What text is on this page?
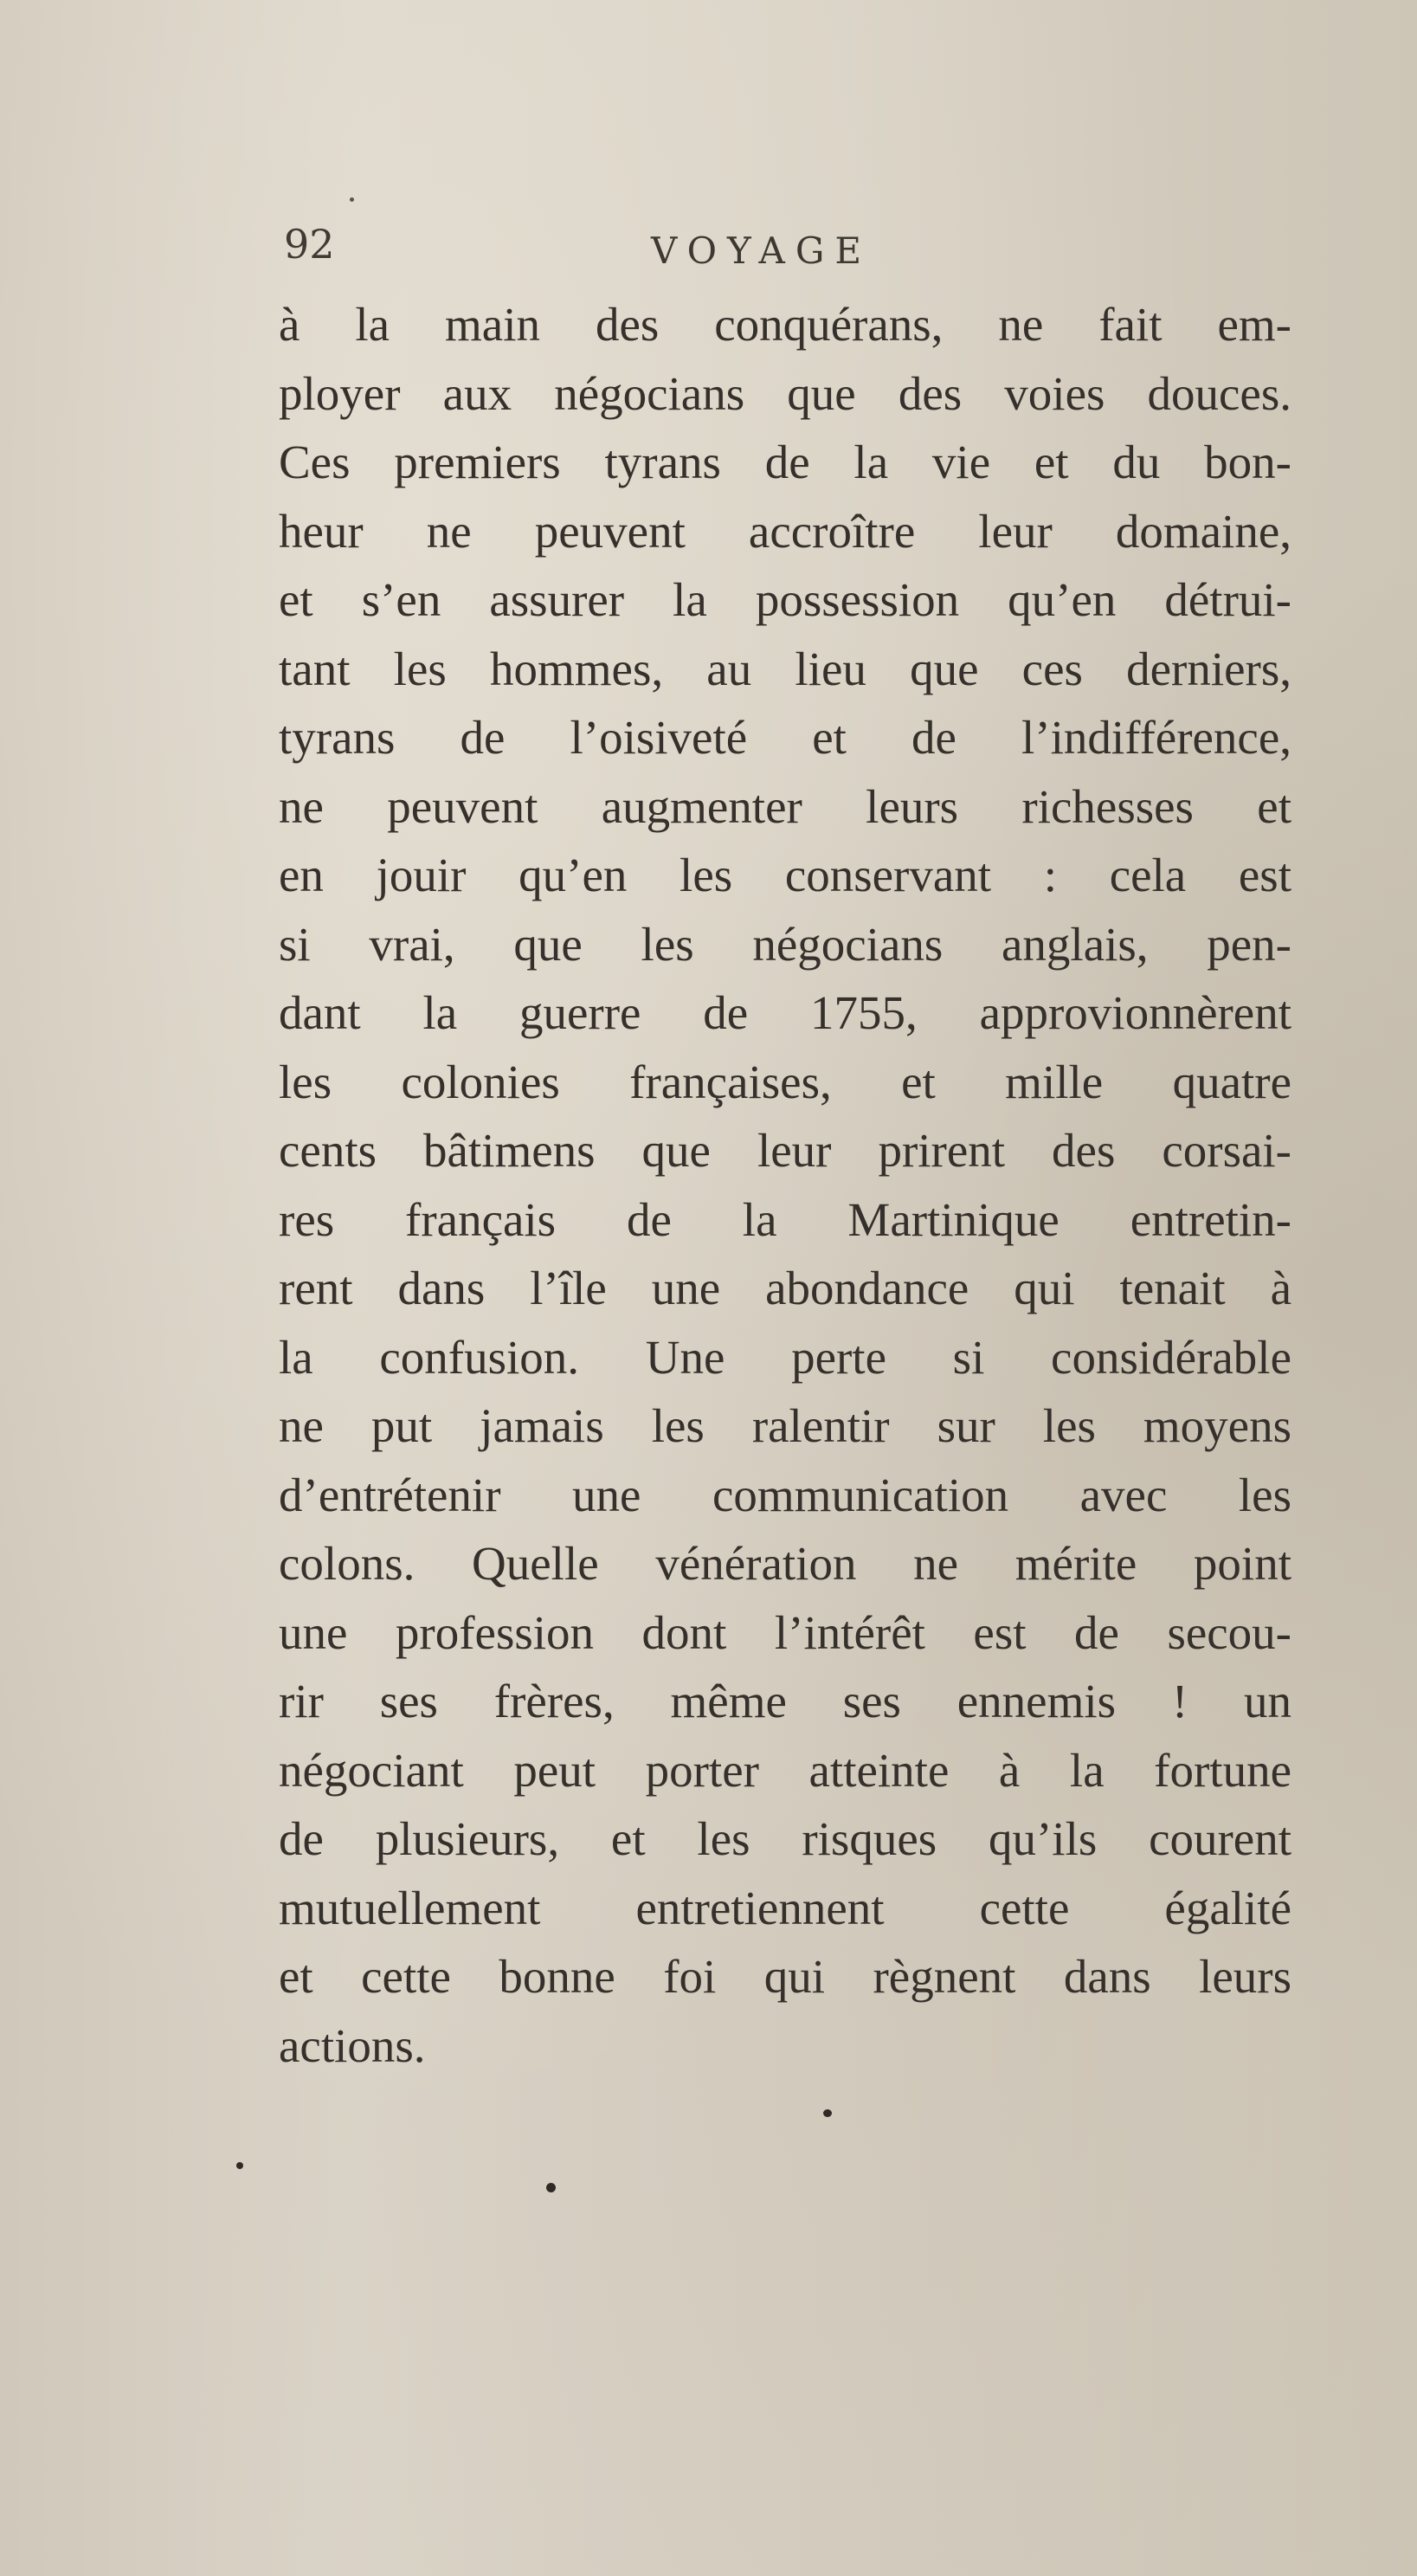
92	VOYAGE
à la main des conquérans, ne fait em-
ployer aux négocians que des voies douces.
Ces premiers tyrans de la vie et du bon-
heur ne peuvent accroître leur domaine,
et s’en assurer la possession qu’en détrui-
tant les hommes, au lieu que ces derniers,
tyrans de l’oisiveté et de l’indifférence,
ne peuvent augmenter leurs richesses et
en jouir qu’en les conservant : cela est
si vrai, que les négocians anglais, pen-
dant la guerre de 1755, approvionnèrent
les colonies françaises, et mille quatre
cents bâtimens que leur prirent des corsai-
res français de la Martinique entretin-
rent dans l’île une abondance qui tenait à
la confusion. Une perte si considérable
ne put jamais les ralentir sur les moyens
d’entrétenir une communication avec les
colons. Quelle vénération ne mérite point
une profession dont l’intérêt est de secou-
rir ses frères, même ses ennemis ! un
négociant peut porter atteinte à la fortune
de plusieurs, et les risques qu’ils courent
mutuellement entretiennent cette égalité
et cette bonne foi qui règnent dans leurs
actions.
